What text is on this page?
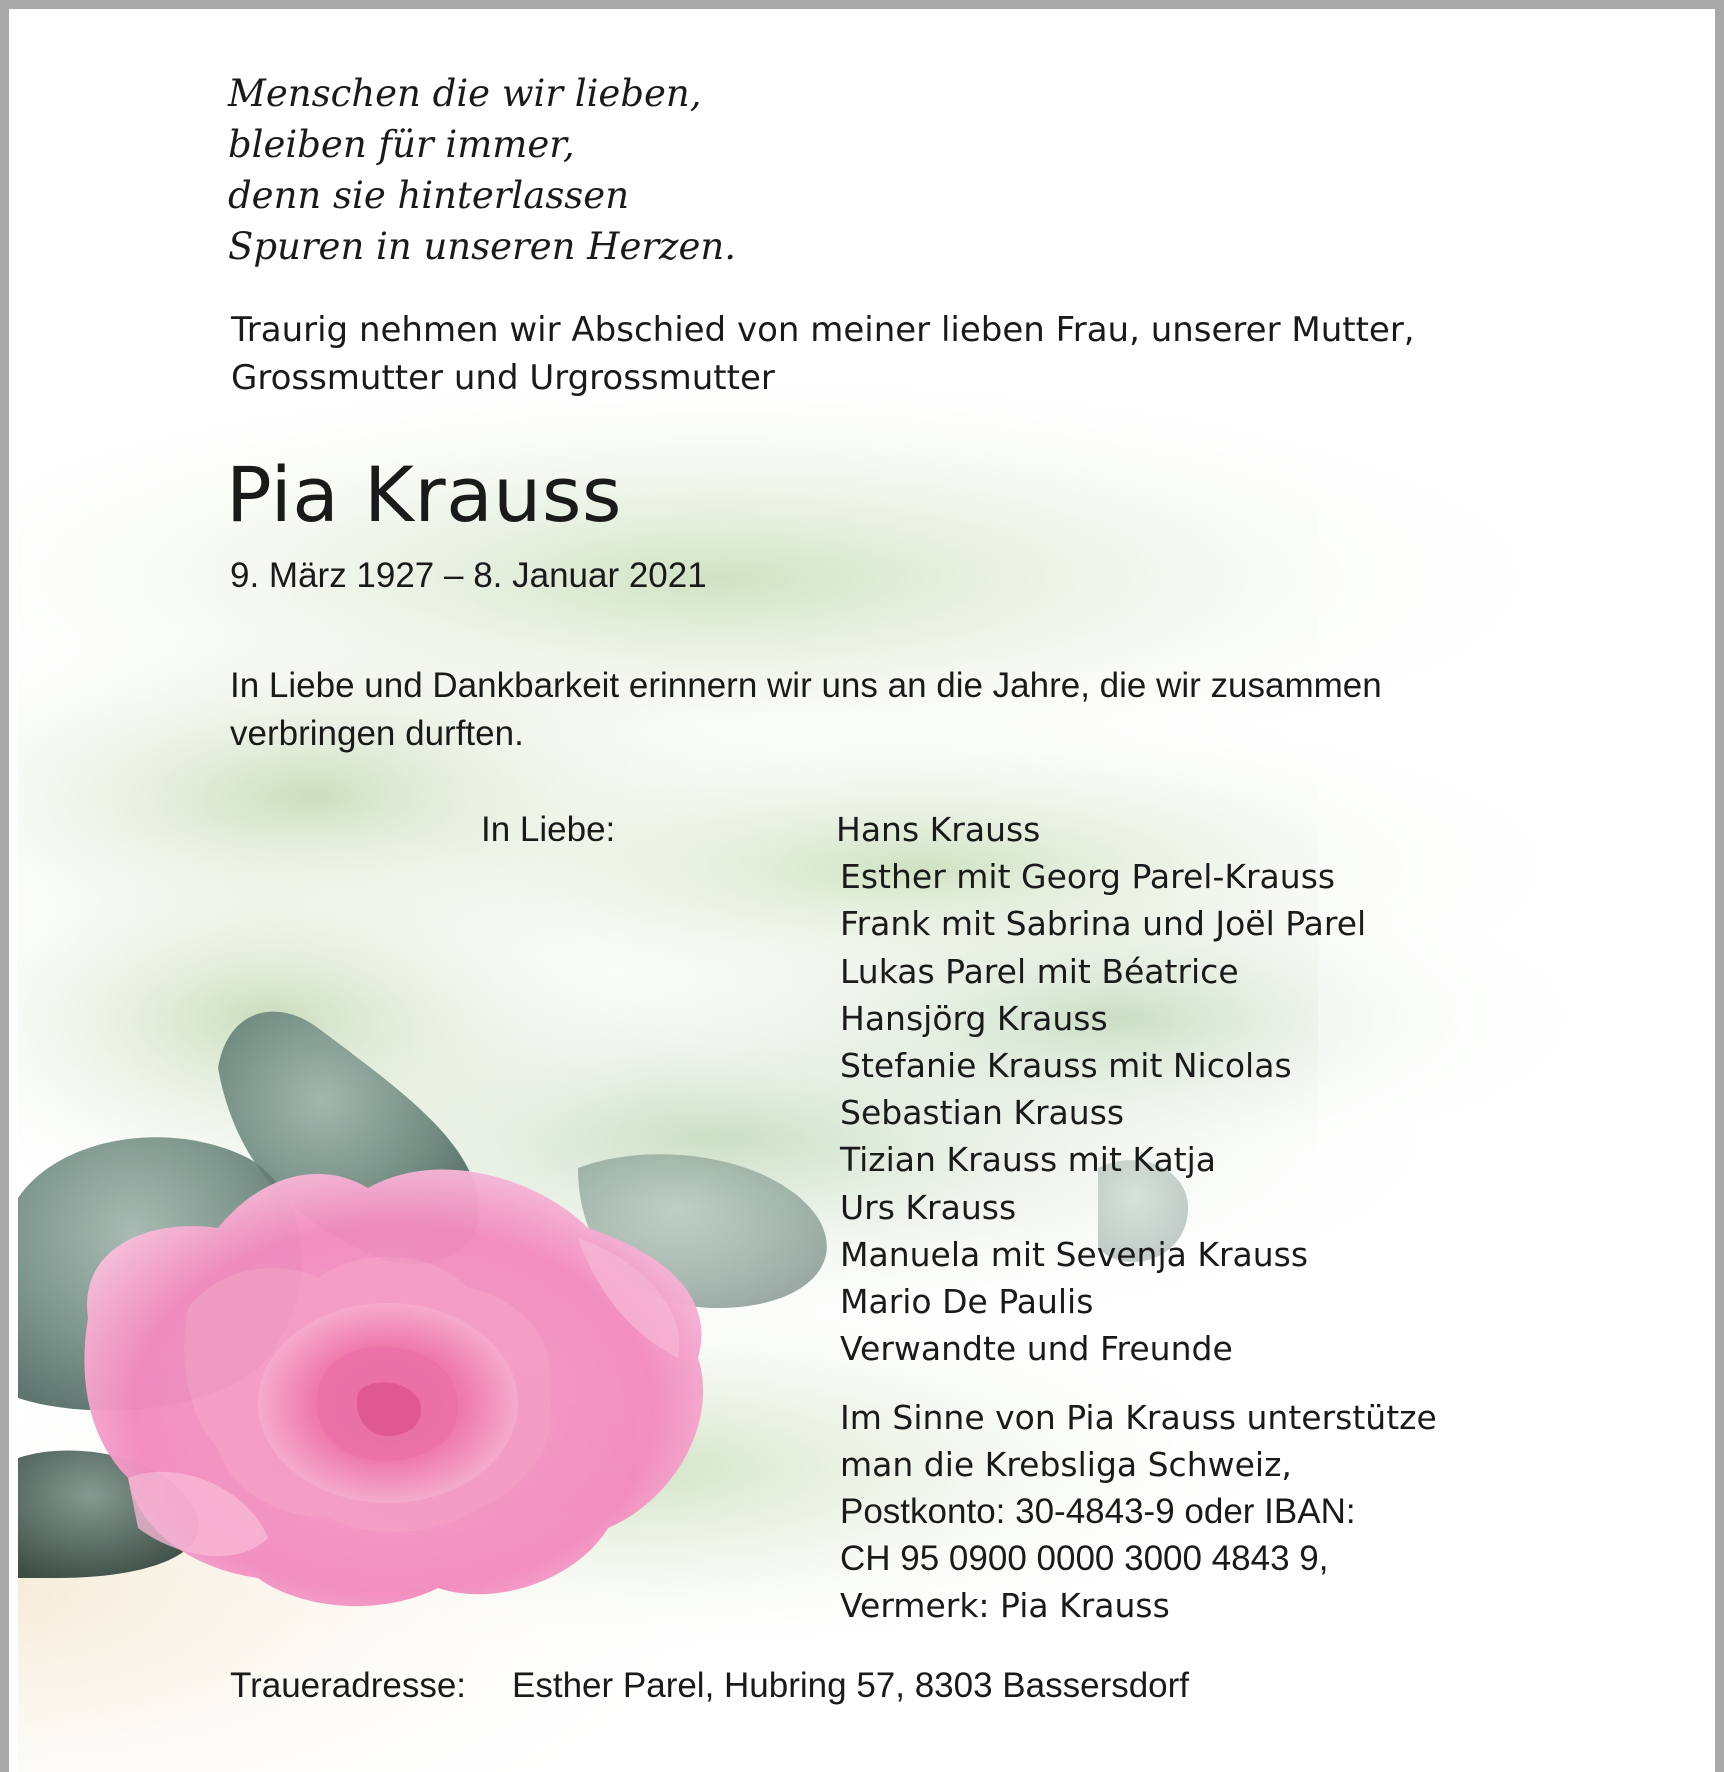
Menschen die wir lieben,
bleiben für immer,
denn sie hinterlassen
Spuren in unseren Herzen.

Traurig nehmen wir Abschied von meiner lieben Frau, unserer Mutter,
Grossmutter und Urgrossmutter

Pia Krauss
9. März 1927 – 8. Januar 2021

In Liebe und Dankbarkeit erinnern wir uns an die Jahre, die wir zusammen
verbringen durften.

In Liebe:	Hans Krauss
Esther mit Georg Parel-Krauss
Frank mit Sabrina und Joël Parel
Lukas Parel mit Béatrice
Hansjörg Krauss
Stefanie Krauss mit Nicolas
Sebastian Krauss
Tizian Krauss mit Katja
Urs Krauss
Manuela mit Sevenja Krauss
Mario De Paulis
Verwandte und Freunde
Im Sinne von Pia Krauss unterstütze
man die Krebsliga Schweiz,
Postkonto: 30-4843-9 oder IBAN:
CH 95 0900 0000 3000 4843 9,
Vermerk: Pia Krauss
Traueradresse: Esther Parel, Hubring 57, 8303 Bassersdorf
